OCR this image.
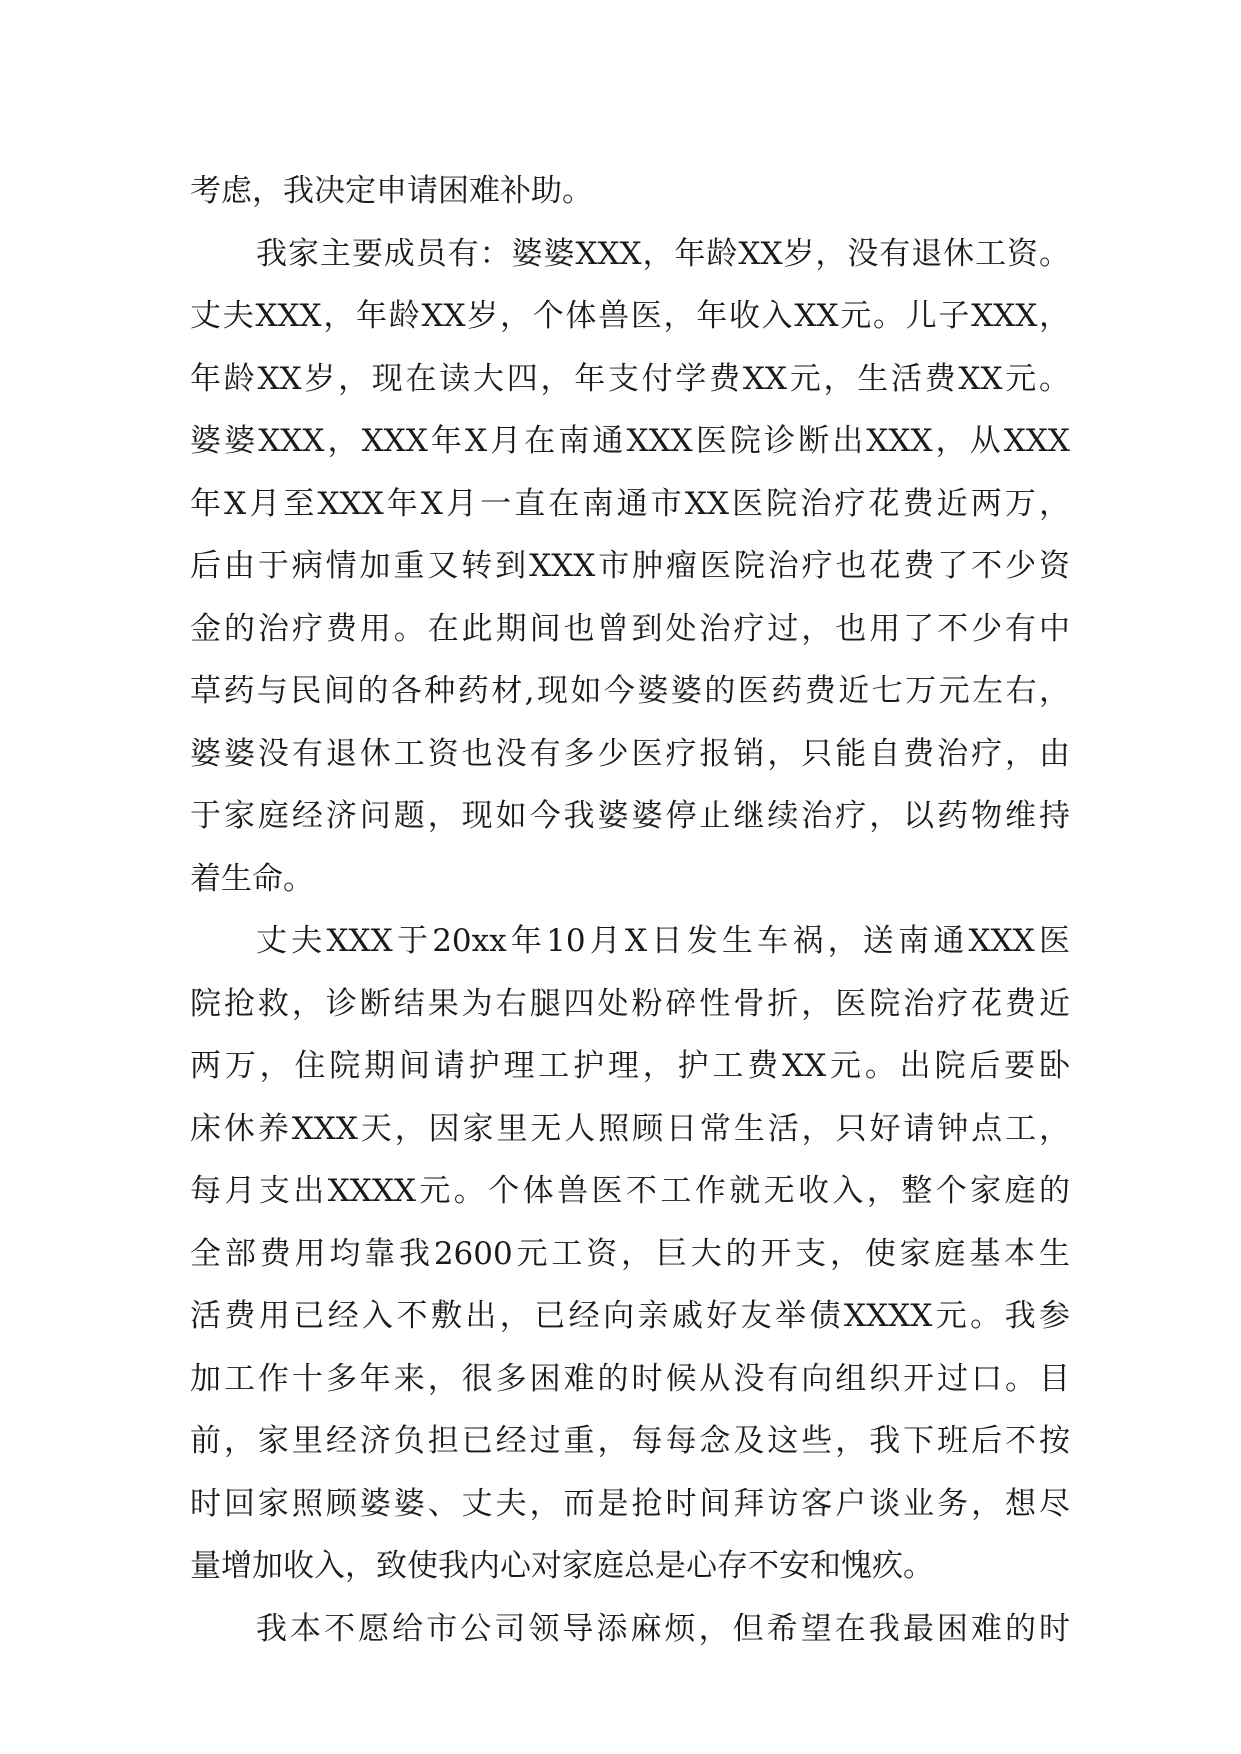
考虑，我决定申请困难补助。
我家主要成员有：婆婆XXX，年龄XX岁，没有退休工资。
丈夫XXX，年龄XX岁，个体兽医，年收入XX元。儿子XXX，
年龄XX岁，现在读大四，年支付学费XX元，生活费XX元。
婆婆XXX，XXX年X月在南通XXX医院诊断出XXX，从XXX
年X月至XXX年X月一直在南通市XX医院治疗花费近两万，
后由于病情加重又转到XXX市肿瘤医院治疗也花费了不少资
金的治疗费用。在此期间也曾到处治疗过，也用了不少有中
草药与民间的各种药材,现如今婆婆的医药费近七万元左右，
婆婆没有退休工资也没有多少医疗报销，只能自费治疗，由
于家庭经济问题，现如今我婆婆停止继续治疗，以药物维持
着生命。
丈夫XXX于20xx年10月X日发生车祸，送南通XXX医
院抢救，诊断结果为右腿四处粉碎性骨折，医院治疗花费近
两万，住院期间请护理工护理，护工费XX元。出院后要卧
床休养XXX天，因家里无人照顾日常生活，只好请钟点工，
每月支出XXXX元。个体兽医不工作就无收入，整个家庭的
全部费用均靠我2600元工资，巨大的开支，使家庭基本生
活费用已经入不敷出，已经向亲戚好友举债XXXX元。我参
加工作十多年来，很多困难的时候从没有向组织开过口。目
前，家里经济负担已经过重，每每念及这些，我下班后不按
时回家照顾婆婆、丈夫，而是抢时间拜访客户谈业务，想尽
量增加收入，致使我内心对家庭总是心存不安和愧疚。
我本不愿给市公司领导添麻烦，但希望在我最困难的时
